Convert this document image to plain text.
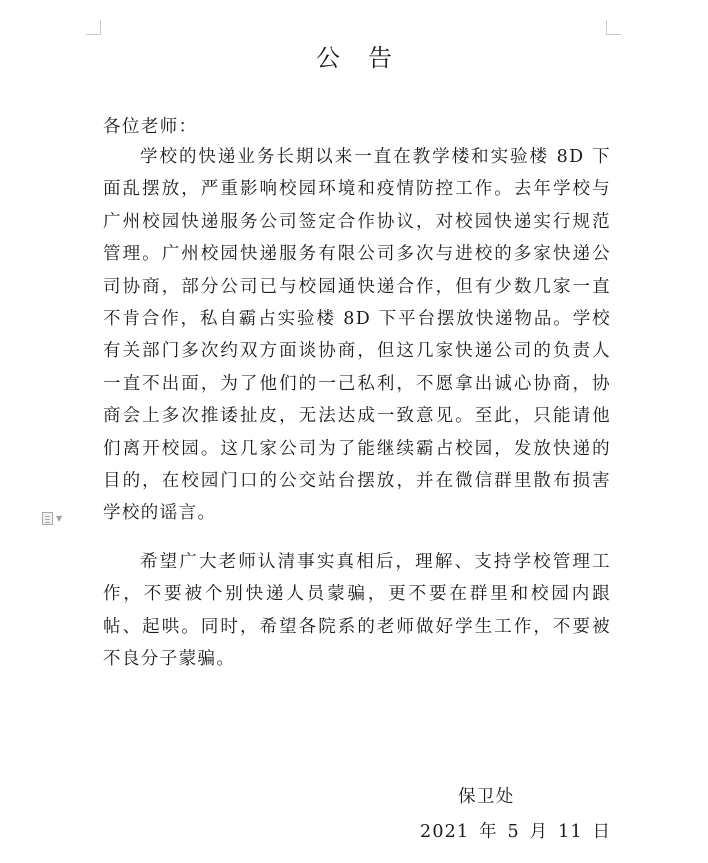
公告
各位老师：

学校的快递业务长期以来一直在教学楼和实验楼 8D 下面乱摆放，严重影响校园环境和疫情防控工作。去年学校与广州校园快递服务公司签定合作协议，对校园快递实行规范管理。广州校园快递服务有限公司多次与进校的多家快递公司协商，部分公司已与校园通快递合作，但有少数几家一直不肯合作，私自霸占实验楼 8D 下平台摆放快递物品。学校有关部门多次约双方面谈协商，但这几家快递公司的负责人一直不出面，为了他们的一己私利，不愿拿出诚心协商，协商会上多次推诿扯皮，无法达成一致意见。至此，只能请他们离开校园。这几家公司为了能继续霸占校园，发放快递的目的，在校园门口的公交站台摆放，并在微信群里散布损害学校的谣言。

▼

希望广大老师认清事实真相后，理解、支持学校管理工作，不要被个别快递人员蒙骗，更不要在群里和校园内跟帖、起哄。同时，希望各院系的老师做好学生工作，不要被不良分子蒙骗。

保卫处
2021 年 5 月 11 日
